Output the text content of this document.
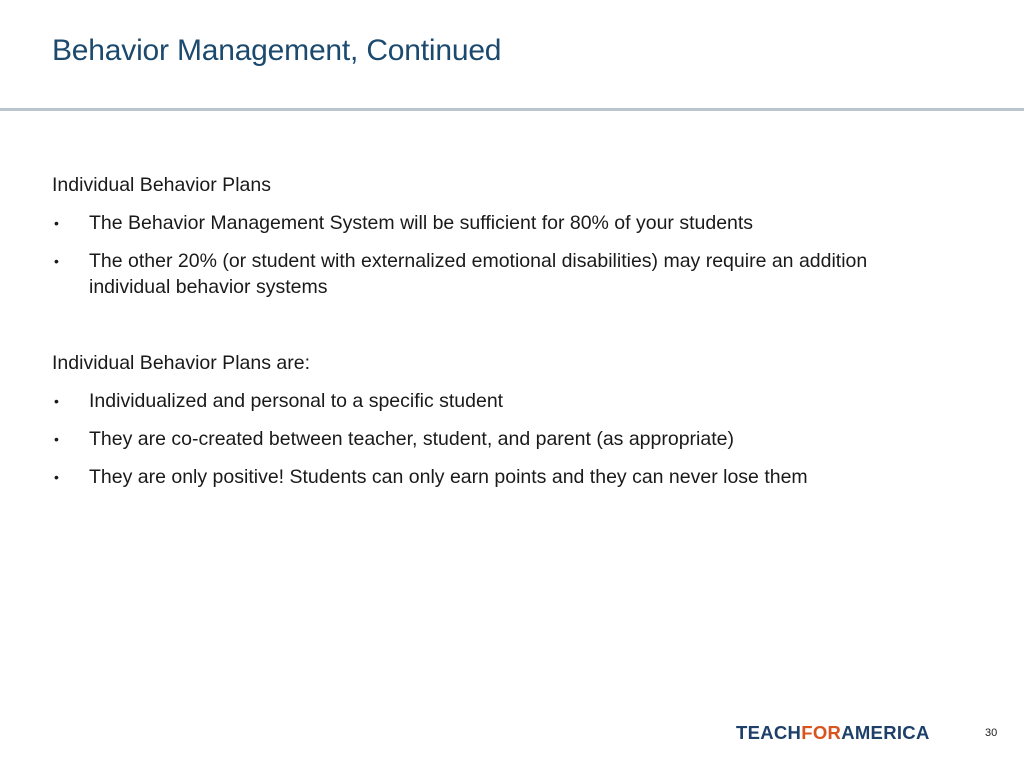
Behavior Management, Continued
Individual Behavior Plans
• The Behavior Management System will be sufficient for 80% of your students
• The other 20% (or student with externalized emotional disabilities) may require an addition individual behavior systems
Individual Behavior Plans are:
• Individualized and personal to a specific student
• They are co-created between teacher, student, and parent (as appropriate)
• They are only positive! Students can only earn points and they can never lose them
TEACHFORAMERICA	30
